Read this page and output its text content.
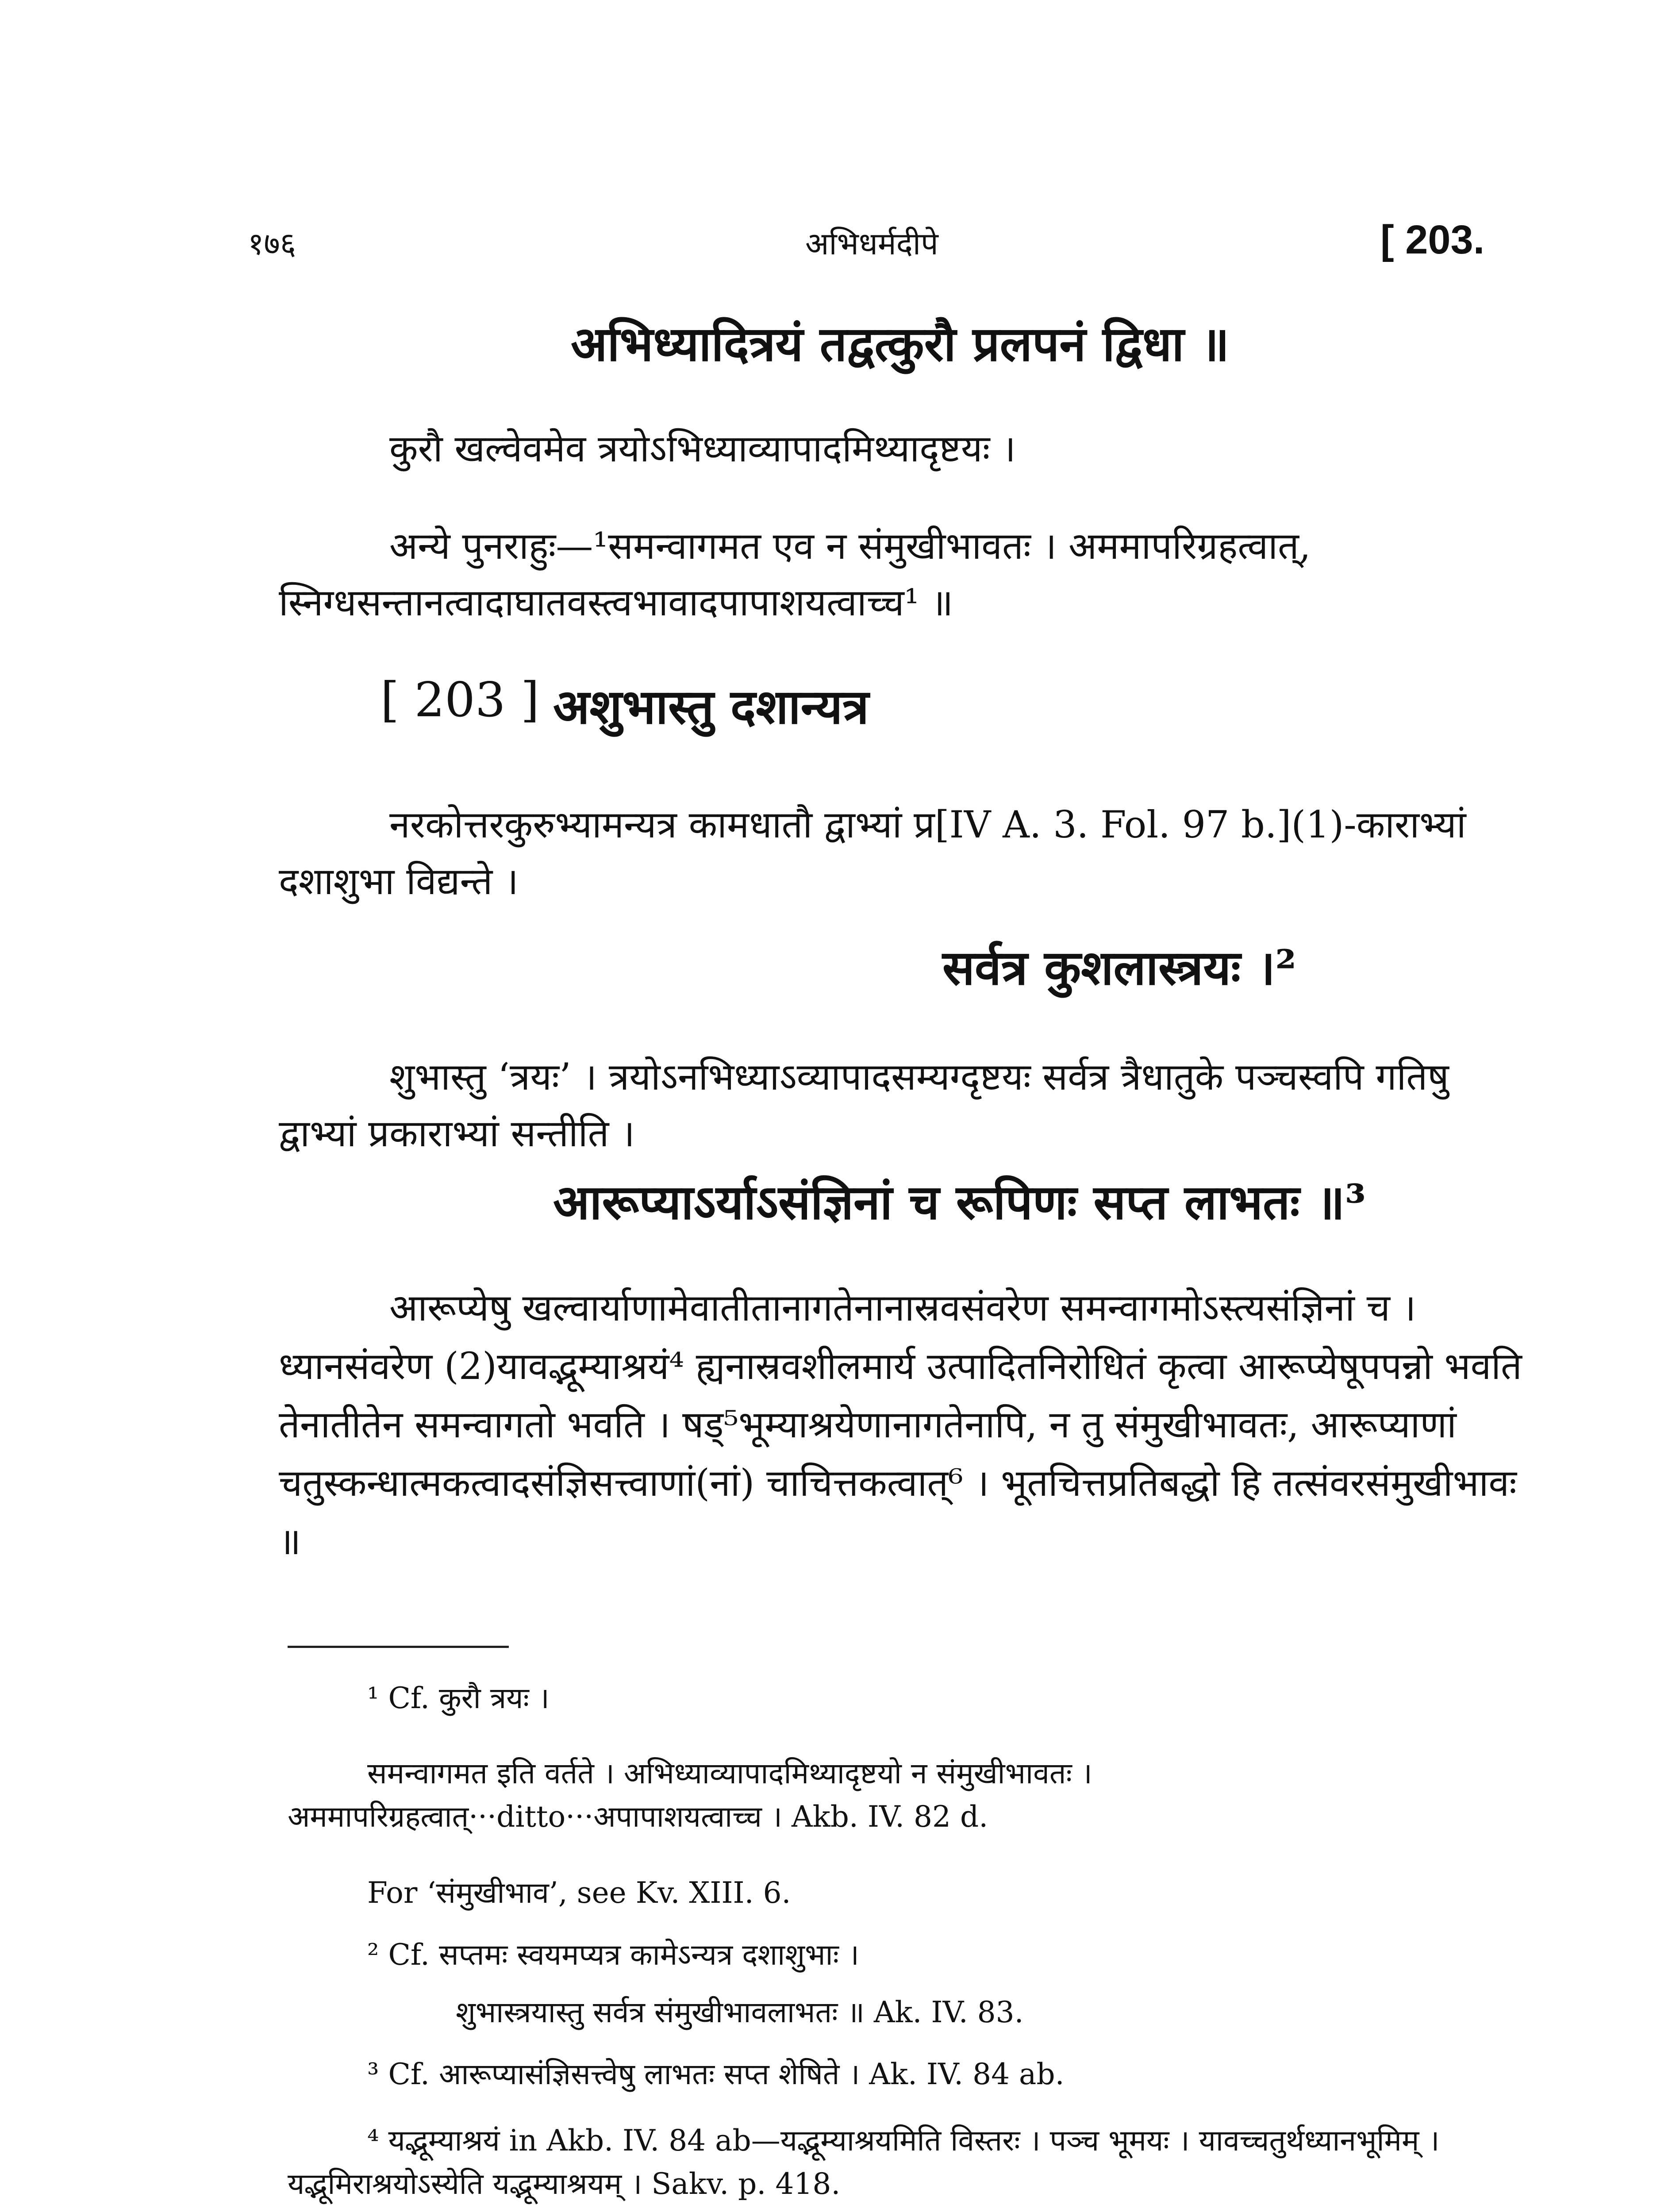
१७६	अभिधर्मदीपे	[ 203.
अभिध्यादित्रयं तद्वत्कुरौ प्रलपनं द्विधा ॥
कुरौ खल्वेवमेव त्रयोऽभिध्याव्यापादमिथ्यादृष्टयः ।
अन्ये पुनराहुः—¹समन्वागमत एव न संमुखीभावतः । अममापरिग्रहत्वात्, स्निग्धसन्तानत्वादाघातवस्त्वभावादपापाशयत्वाच्च¹ ॥
[ 203 ] अशुभास्तु दशान्यत्र
नरकोत्तरकुरुभ्यामन्यत्र कामधातौ द्वाभ्यां प्र[IV A. 3. Fol. 97 b.](1)-काराभ्यां दशाशुभा विद्यन्ते ।
सर्वत्र कुशलास्त्रयः ।²
शुभास्तु ‘त्रयः’ । त्रयोऽनभिध्याऽव्यापादसम्यग्दृष्टयः सर्वत्र त्रैधातुके पञ्चस्वपि गतिषु द्वाभ्यां प्रकाराभ्यां सन्तीति ।
आरूप्याऽर्याऽसंज्ञिनां च रूपिणः सप्त लाभतः ॥³
आरूप्येषु खल्वार्याणामेवातीतानागतेनानास्रवसंवरेण समन्वागमोऽस्त्यसंज्ञिनां च । ध्यानसंवरेण (2)यावद्भूम्याश्रयं⁴ ह्यनास्रवशीलमार्य उत्पादितनिरोधितं कृत्वा आरूप्येषूपपन्नो भवति तेनातीतेन समन्वागतो भवति । षड्⁵भूम्याश्रयेणानागतेनापि, न तु संमुखीभावतः, आरूप्याणां चतुस्कन्धात्मकत्वादसंज्ञिसत्त्वाणां(नां) चाचित्तकत्वात्⁶ । भूतचित्तप्रतिबद्धो हि तत्संवरसंमुखीभावः ॥
¹ Cf. कुरौ त्रयः ।
समन्वागमत इति वर्तते । अभिध्याव्यापादमिथ्यादृष्टयो न संमुखीभावतः । अममापरिग्रहत्वात्···ditto···अपापाशयत्वाच्च । Akb. IV. 82 d.
For ‘संमुखीभाव’, see Kv. XIII. 6.
² Cf. सप्तमः स्वयमप्यत्र कामेऽन्यत्र दशाशुभाः ।
शुभास्त्रयास्तु सर्वत्र संमुखीभावलाभतः ॥ Ak. IV. 83.
³ Cf. आरूप्यासंज्ञिसत्त्वेषु लाभतः सप्त शेषिते । Ak. IV. 84 ab.
⁴ यद्भूम्याश्रयं in Akb. IV. 84 ab—यद्भूम्याश्रयमिति विस्तरः । पञ्च भूमयः । यावच्चतुर्थध्यानभूमिम् । यद्भूमिराश्रयोऽस्येति यद्भूम्याश्रयम् । Sakv. p. 418.
